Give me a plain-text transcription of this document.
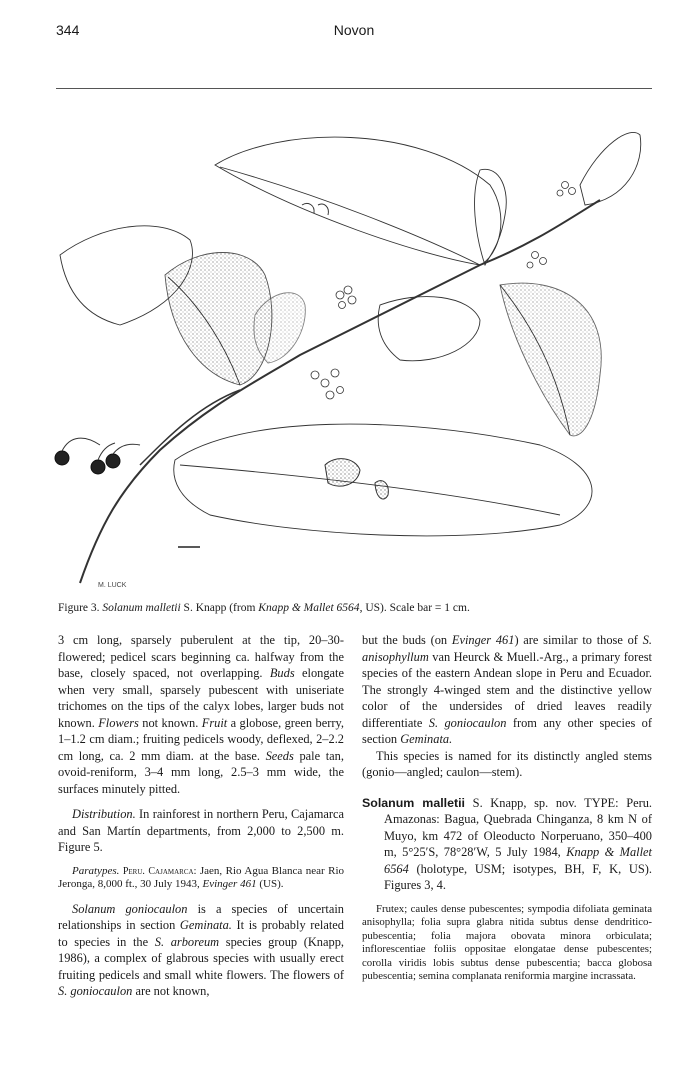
344	Novon
M. LUCK
Figure 3. Solanum malletii S. Knapp (from Knapp & Mallet 6564, US). Scale bar = 1 cm.

3 cm long, sparsely puberulent at the tip, 20–30-flowered; pedicel scars beginning ca. halfway from the base, closely spaced, not overlapping. Buds elongate when very small, sparsely pubescent with uniseriate trichomes on the tips of the calyx lobes, larger buds not known. Flowers not known. Fruit a globose, green berry, 1–1.2 cm diam.; fruiting pedicels woody, deflexed, 2–2.2 cm long, ca. 2 mm diam. at the base. Seeds pale tan, ovoid-reniform, 3–4 mm long, 2.5–3 mm wide, the surfaces minutely pitted.

Distribution. In rainforest in northern Peru, Cajamarca and San Martín departments, from 2,000 to 2,500 m. Figure 5.

Paratypes. Peru. Cajamarca: Jaen, Rio Agua Blanca near Rio Jeronga, 8,000 ft., 30 July 1943, Evinger 461 (US).

Solanum goniocaulon is a species of uncertain relationships in section Geminata. It is probably related to species in the S. arboreum species group (Knapp, 1986), a complex of glabrous species with usually erect fruiting pedicels and small white flowers. The flowers of S. goniocaulon are not known,

but the buds (on Evinger 461) are similar to those of S. anisophyllum van Heurck & Muell.-Arg., a primary forest species of the eastern Andean slope in Peru and Ecuador. The strongly 4-winged stem and the distinctive yellow color of the undersides of dried leaves readily differentiate S. goniocaulon from any other species of section Geminata.

This species is named for its distinctly angled stems (gonio—angled; caulon—stem).

Solanum malletii S. Knapp, sp. nov. TYPE: Peru. Amazonas: Bagua, Quebrada Chinganza, 8 km N of Muyo, km 472 of Oleoducto Norperuano, 350–400 m, 5°25′S, 78°28′W, 5 July 1984, Knapp & Mallet 6564 (holotype, USM; isotypes, BH, F, K, US). Figures 3, 4.

Frutex; caules dense pubescentes; sympodia difoliata geminata anisophylla; folia supra glabra nitida subtus dense dendritico-pubescentia; folia majora obovata minora orbiculata; inflorescentiae foliis oppositae elongatae dense pubescentes; corolla viridis lobis subtus dense pubescentia; bacca globosa pubescentia; semina complanata reniformia margine incrassata.
